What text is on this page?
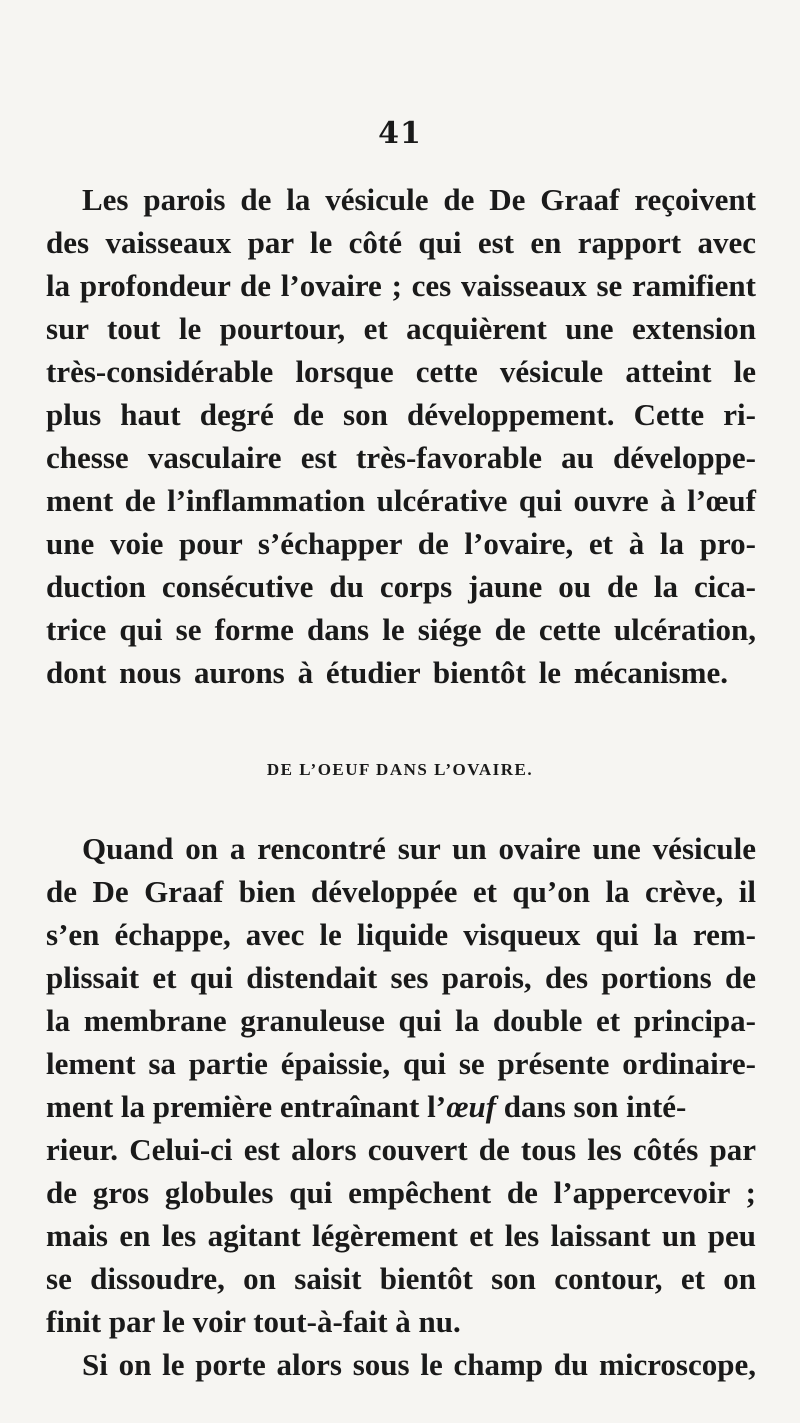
41
Les parois de la vésicule de De Graaf reçoivent
des vaisseaux par le côté qui est en rapport avec
la profondeur de l’ovaire ; ces vaisseaux se ramifient
sur tout le pourtour, et acquièrent une extension
très-considérable lorsque cette vésicule atteint le
plus haut degré de son développement. Cette ri-
chesse vasculaire est très-favorable au développe-
ment de l’inflammation ulcérative qui ouvre à l’œuf
une voie pour s’échapper de l’ovaire, et à la pro-
duction consécutive du corps jaune ou de la cica-
trice qui se forme dans le siége de cette ulcération,
dont nous aurons à étudier bientôt le mécanisme.
DE L’OEUF DANS L’OVAIRE.
Quand on a rencontré sur un ovaire une vésicule
de De Graaf bien développée et qu’on la crève, il
s’en échappe, avec le liquide visqueux qui la rem-
plissait et qui distendait ses parois, des portions de
la membrane granuleuse qui la double et principa-
lement sa partie épaissie, qui se présente ordinaire-
ment la première entraînant l’œuf dans son inté-
rieur. Celui-ci est alors couvert de tous les côtés par
de gros globules qui empêchent de l’appercevoir ;
mais en les agitant légèrement et les laissant un peu
se dissoudre, on saisit bientôt son contour, et on
finit par le voir tout-à-fait à nu.
Si on le porte alors sous le champ du microscope,
